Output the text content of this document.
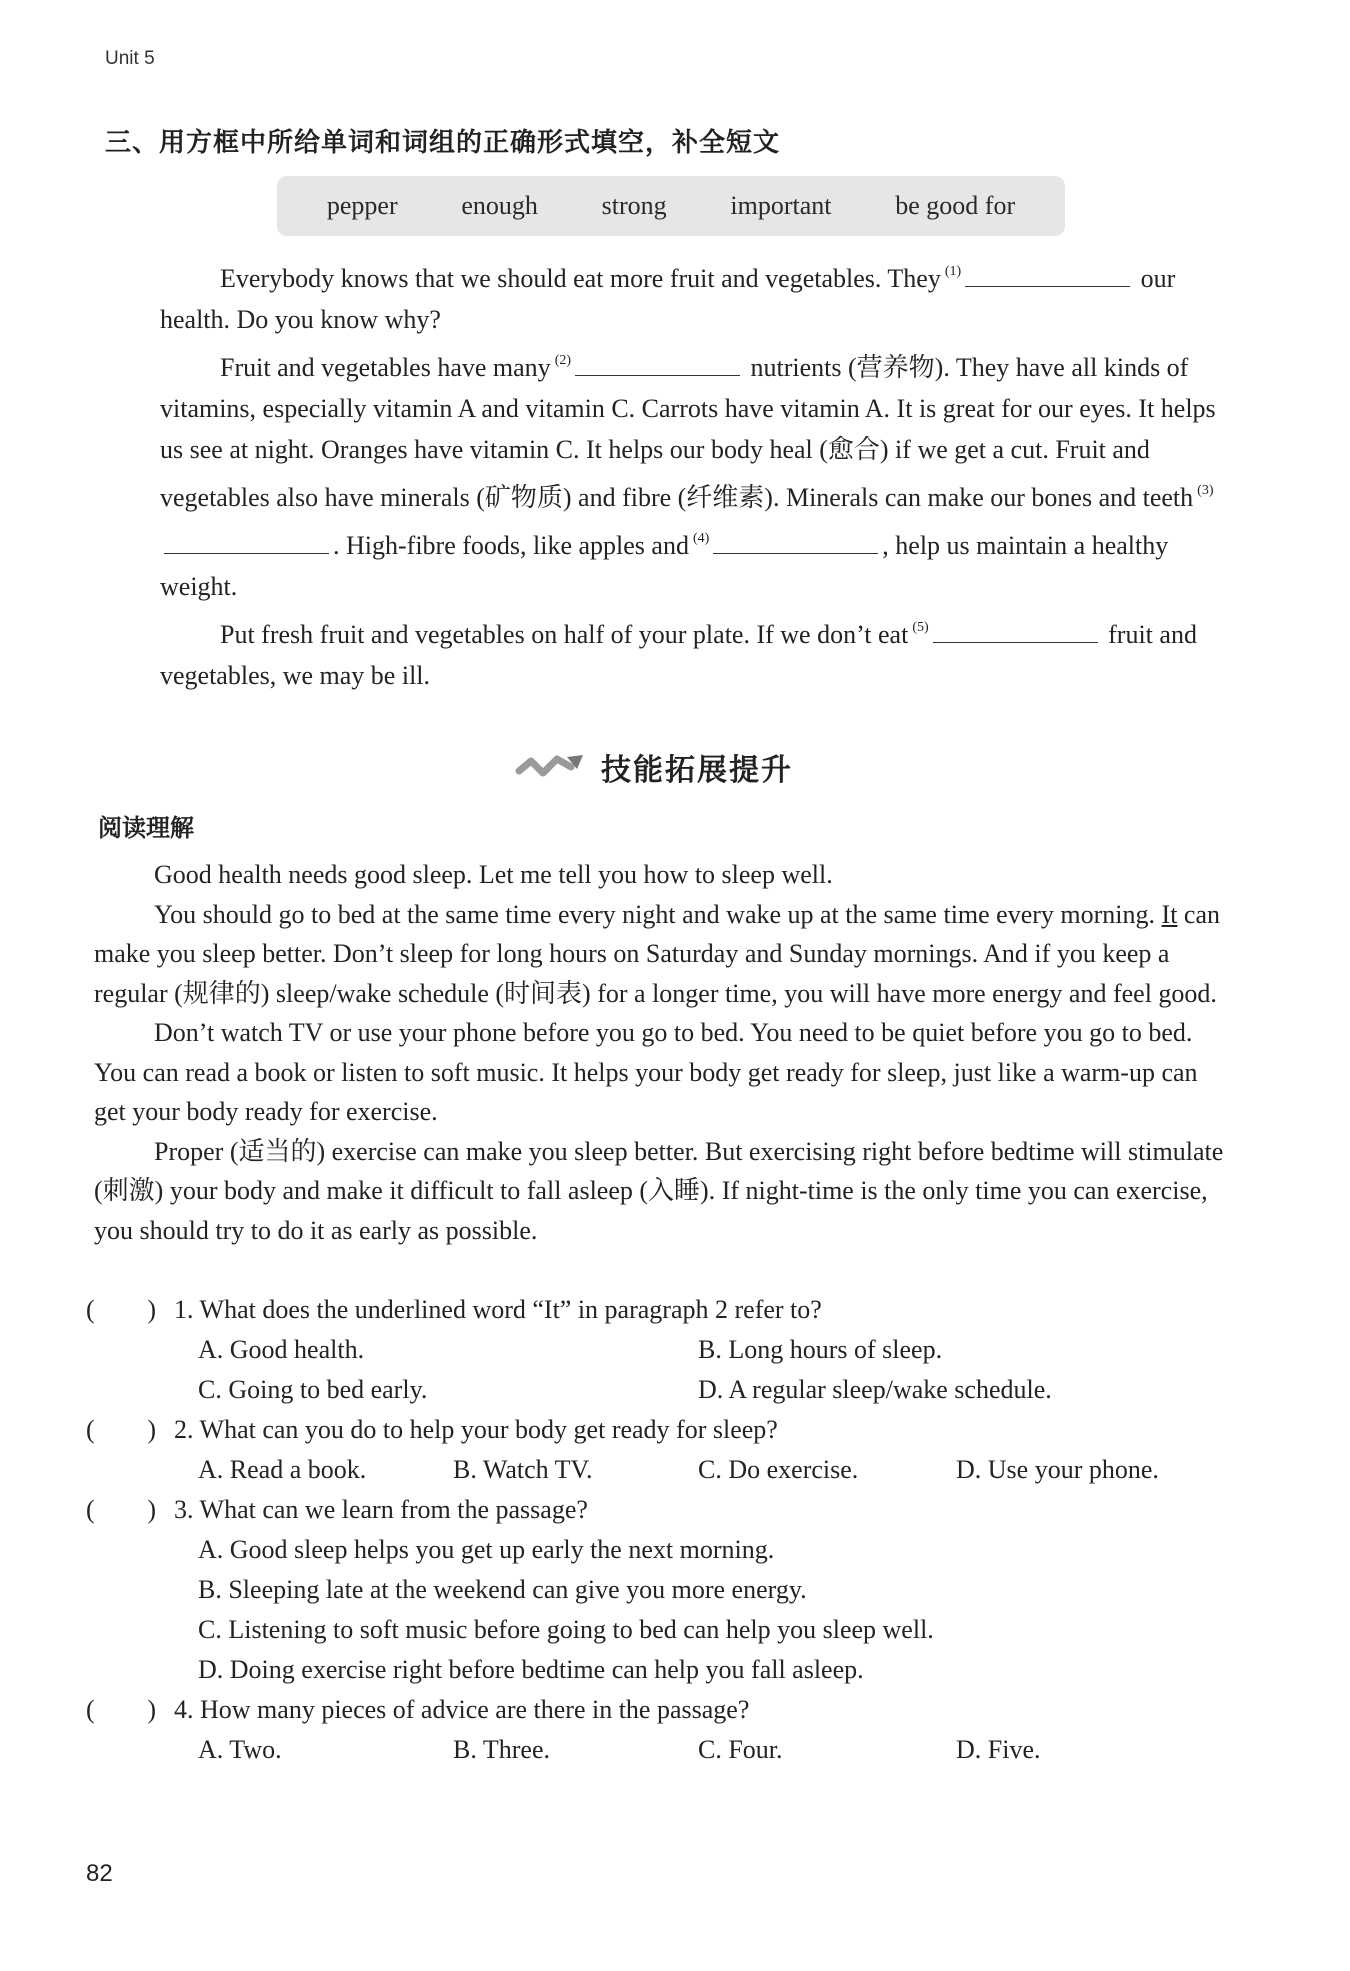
Unit 5
三、用方框中所给单词和词组的正确形式填空，补全短文
pepper enough strong important be good for

Everybody knows that we should eat more fruit and vegetables. They $^{(1)}$	our health. Do you know why?

Fruit and vegetables have many $^{(2)}$	nutrients (营养物). They have all kinds of vitamins, especially vitamin A and vitamin C. Carrots have vitamin A. It is great for our eyes. It helps us see at night. Oranges have vitamin C. It helps our body heal (愈合) if we get a cut. Fruit and vegetables also have minerals (矿物质) and fibre (纤维素). Minerals can make our bones and teeth $^{(3)}$. High-fibre foods, like apples and $^{(4)}$	, help us maintain a healthy weight.

Put fresh fruit and vegetables on half of your plate. If we don’t eat $^{(5)}$	fruit and vegetables, we may be ill.

技能拓展提升
阅读理解

Good health needs good sleep. Let me tell you how to sleep well.

You should go to bed at the same time every night and wake up at the same time every morning. It can make you sleep better. Don’t sleep for long hours on Saturday and Sunday mornings. And if you keep a regular (规律的) sleep/wake schedule (时间表) for a longer time, you will have more energy and feel good.

Don’t watch TV or use your phone before you go to bed. You need to be quiet before you go to bed. You can read a book or listen to soft music. It helps your body get ready for sleep, just like a warm-up can get your body ready for exercise.

Proper (适当的) exercise can make you sleep better. But exercising right before bedtime will stimulate (刺激) your body and make it difficult to fall asleep (入睡). If night-time is the only time you can exercise, you should try to do it as early as possible.

( ) 1. What does the underlined word “It” in paragraph 2 refer to?
A. Good health.	B. Long hours of sleep.
C. Going to bed early.	D. A regular sleep/wake schedule.
( ) 2. What can you do to help your body get ready for sleep?
A. Read a book.	B. Watch TV.	C. Do exercise.	D. Use your phone.
( ) 3. What can we learn from the passage?
A. Good sleep helps you get up early the next morning.
B. Sleeping late at the weekend can give you more energy.
C. Listening to soft music before going to bed can help you sleep well.
D. Doing exercise right before bedtime can help you fall asleep.
( ) 4. How many pieces of advice are there in the passage?
A. Two.	B. Three.	C. Four.	D. Five.
82
